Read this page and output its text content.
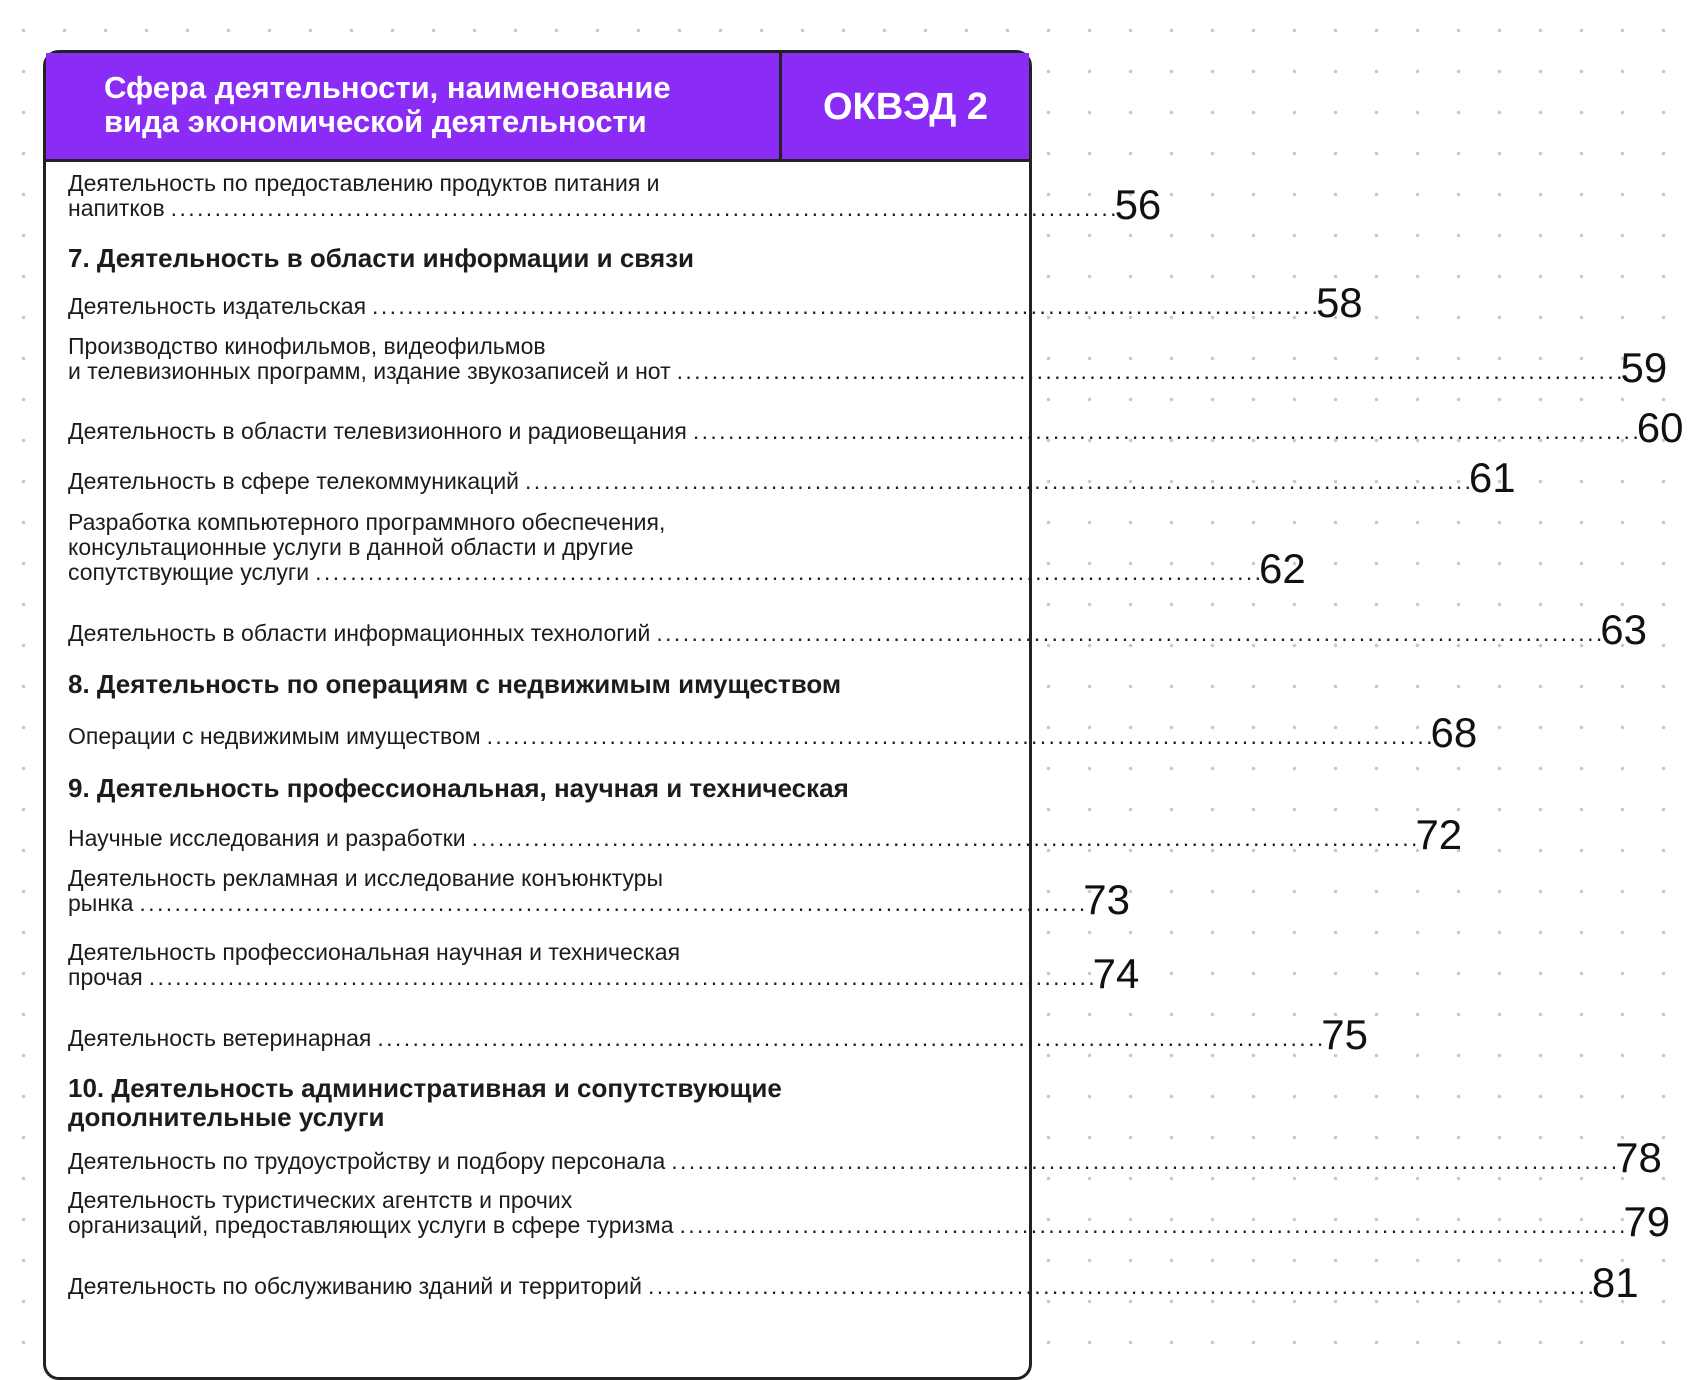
Сфера деятельности, наименование
вида экономической деятельности	ОКВЭД 2
Деятельность по предоставлению продуктов питания и
напитков . . .	56
7. Деятельность в области информации и связи
Деятельность издательская . . .	58
Производство кинофильмов, видеофильмов
и телевизионных программ, издание звукозаписей и нот . . .	59
Деятельность в области телевизионного и радиовещания . . .	60
Деятельность в сфере телекоммуникаций . . .	61
Разработка компьютерного программного обеспечения,
консультационные услуги в данной области и другие
сопутствующие услуги . . .	62
Деятельность в области информационных технологий . . .	63
8. Деятельность по операциям с недвижимым имуществом
Операции с недвижимым имуществом . . .	68
9. Деятельность профессиональная, научная и техническая
Научные исследования и разработки . . .	72
Деятельность рекламная и исследование конъюнктуры
рынка . . .	73
Деятельность профессиональная научная и техническая
прочая . . .	74
Деятельность ветеринарная . . .	75
10. Деятельность административная и сопутствующие дополнительные услуги
Деятельность по трудоустройству и подбору персонала . . .	78
Деятельность туристических агентств и прочих
организаций, предоставляющих услуги в сфере туризма . . .	79
Деятельность по обслуживанию зданий и территорий . . .	81
